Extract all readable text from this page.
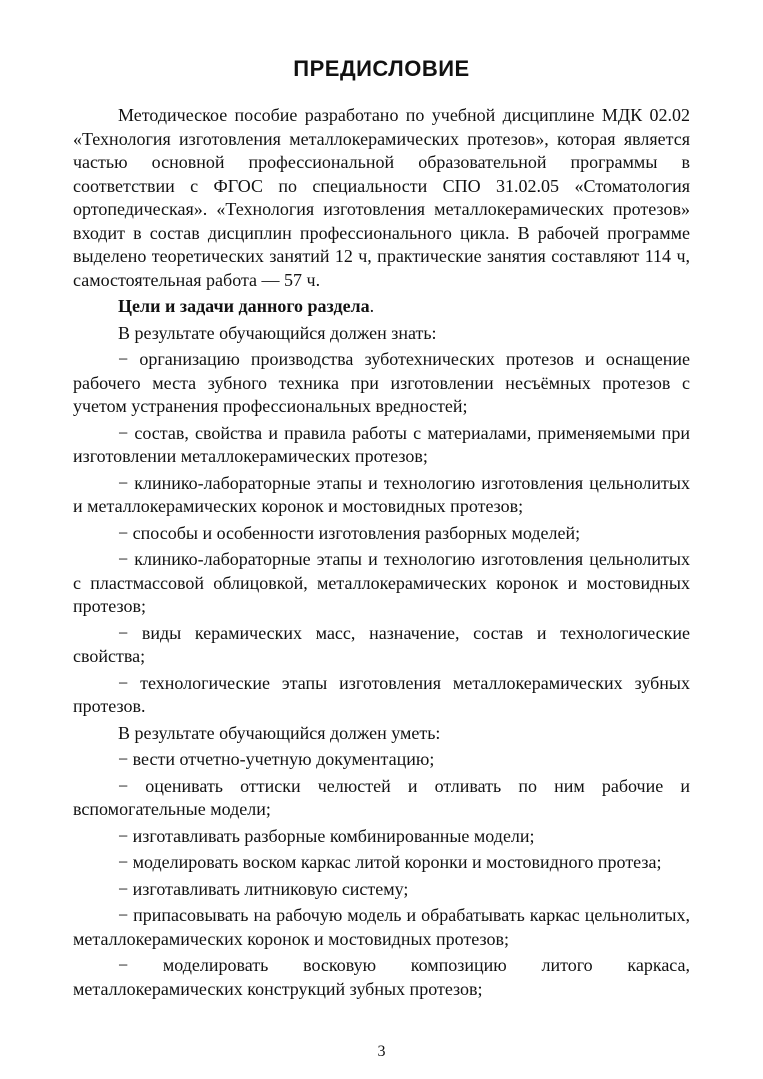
ПРЕДИСЛОВИЕ

Методическое пособие разработано по учебной дисциплине МДК 02.02 «Технология изготовления металлокерамических протезов», которая является частью основной профессиональной образовательной программы в соответствии с ФГОС по специальности СПО 31.02.05 «Стоматология ортопедическая». «Технология изготовления металлокерамических протезов» входит в состав дисциплин профессионального цикла. В рабочей программе выделено теоретических занятий 12 ч, практические занятия составляют 114 ч, самостоятельная работа — 57 ч.

Цели и задачи данного раздела.

В результате обучающийся должен знать:

− организацию производства зуботехнических протезов и оснащение рабочего места зубного техника при изготовлении несъёмных протезов с учетом устранения профессиональных вредностей;

− состав, свойства и правила работы с материалами, применяемыми при изготовлении металлокерамических протезов;

− клинико-лабораторные этапы и технологию изготовления цельнолитых и металлокерамических коронок и мостовидных протезов;

− способы и особенности изготовления разборных моделей;

− клинико-лабораторные этапы и технологию изготовления цельнолитых с пластмассовой облицовкой, металлокерамических коронок и мостовидных протезов;

− виды керамических масс, назначение, состав и технологические свойства;

− технологические этапы изготовления металлокерамических зубных протезов.

В результате обучающийся должен уметь:

− вести отчетно-учетную документацию;

− оценивать оттиски челюстей и отливать по ним рабочие и вспомогательные модели;

− изготавливать разборные комбинированные модели;

− моделировать воском каркас литой коронки и мостовидного протеза;

− изготавливать литниковую систему;

− припасовывать на рабочую модель и обрабатывать каркас цельнолитых, металлокерамических коронок и мостовидных протезов;

− моделировать восковую композицию литого каркаса, металлокерамических конструкций зубных протезов;

3
